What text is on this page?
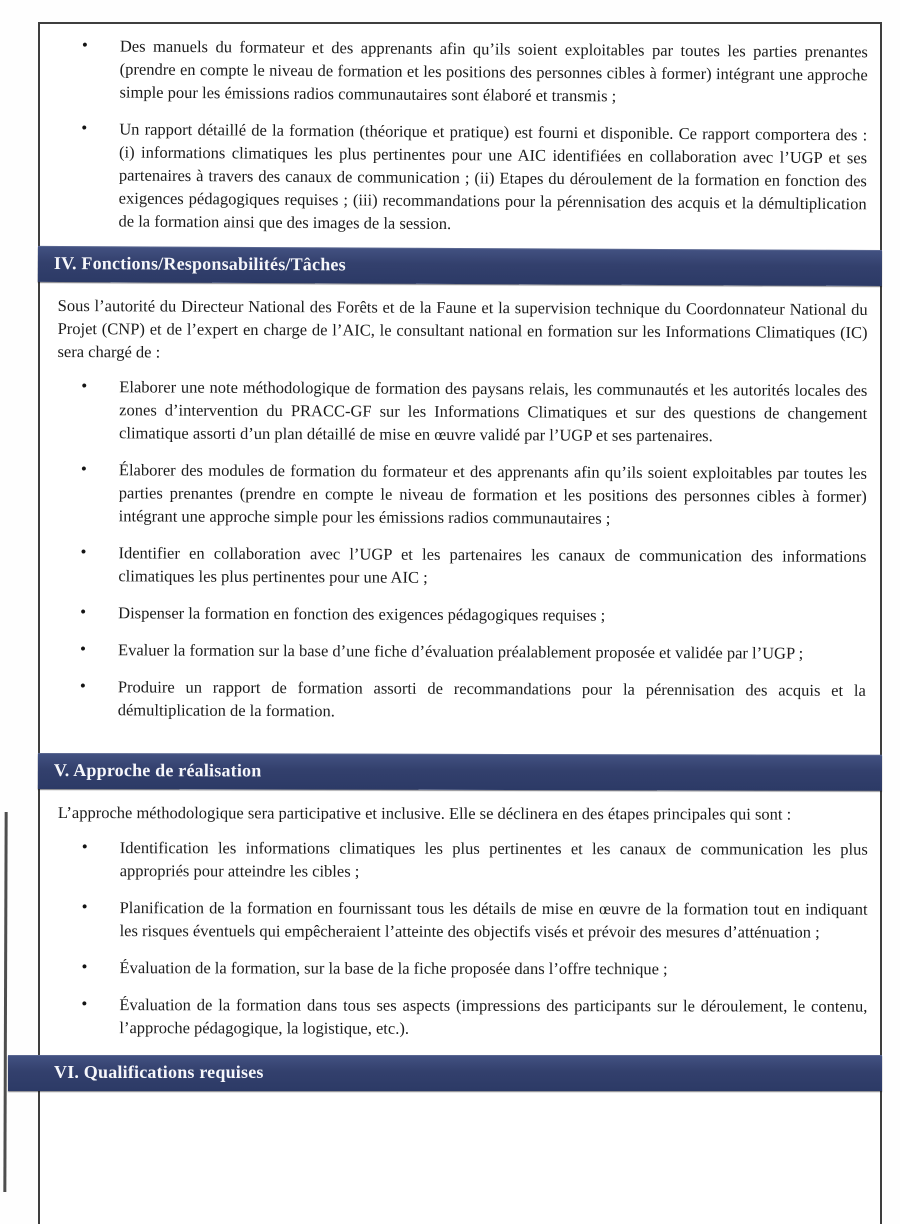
• Des manuels du formateur et des apprenants afin qu’ils soient exploitables par toutes les parties prenantes (prendre en compte le niveau de formation et les positions des personnes cibles à former) intégrant une approche simple pour les émissions radios communautaires sont élaboré et transmis ;
• Un rapport détaillé de la formation (théorique et pratique) est fourni et disponible. Ce rapport comportera des : (i) informations climatiques les plus pertinentes pour une AIC identifiées en collaboration avec l’UGP et ses partenaires à travers des canaux de communication ; (ii) Etapes du déroulement de la formation en fonction des exigences pédagogiques requises ; (iii) recommandations pour la pérennisation des acquis et la démultiplication de la formation ainsi que des images de la session.
IV. Fonctions/Responsabilités/Tâches

Sous l’autorité du Directeur National des Forêts et de la Faune et la supervision technique du Coordonnateur National du Projet (CNP) et de l’expert en charge de l’AIC, le consultant national en formation sur les Informations Climatiques (IC) sera chargé de :

• Elaborer une note méthodologique de formation des paysans relais, les communautés et les autorités locales des zones d’intervention du PRACC-GF sur les Informations Climatiques et sur des questions de changement climatique assorti d’un plan détaillé de mise en œuvre validé par l’UGP et ses partenaires.
• Élaborer des modules de formation du formateur et des apprenants afin qu’ils soient exploitables par toutes les parties prenantes (prendre en compte le niveau de formation et les positions des personnes cibles à former) intégrant une approche simple pour les émissions radios communautaires ;
• Identifier en collaboration avec l’UGP et les partenaires les canaux de communication des informations climatiques les plus pertinentes pour une AIC ;
• Dispenser la formation en fonction des exigences pédagogiques requises ;
• Evaluer la formation sur la base d’une fiche d’évaluation préalablement proposée et validée par l’UGP ;
• Produire un rapport de formation assorti de recommandations pour la pérennisation des acquis et la démultiplication de la formation.
V. Approche de réalisation

L’approche méthodologique sera participative et inclusive. Elle se déclinera en des étapes principales qui sont :

• Identification les informations climatiques les plus pertinentes et les canaux de communication les plus appropriés pour atteindre les cibles ;
• Planification de la formation en fournissant tous les détails de mise en œuvre de la formation tout en indiquant les risques éventuels qui empêcheraient l’atteinte des objectifs visés et prévoir des mesures d’atténuation ;
• Évaluation de la formation, sur la base de la fiche proposée dans l’offre technique ;
• Évaluation de la formation dans tous ses aspects (impressions des participants sur le déroulement, le contenu, l’approche pédagogique, la logistique, etc.).
VI. Qualifications requises
